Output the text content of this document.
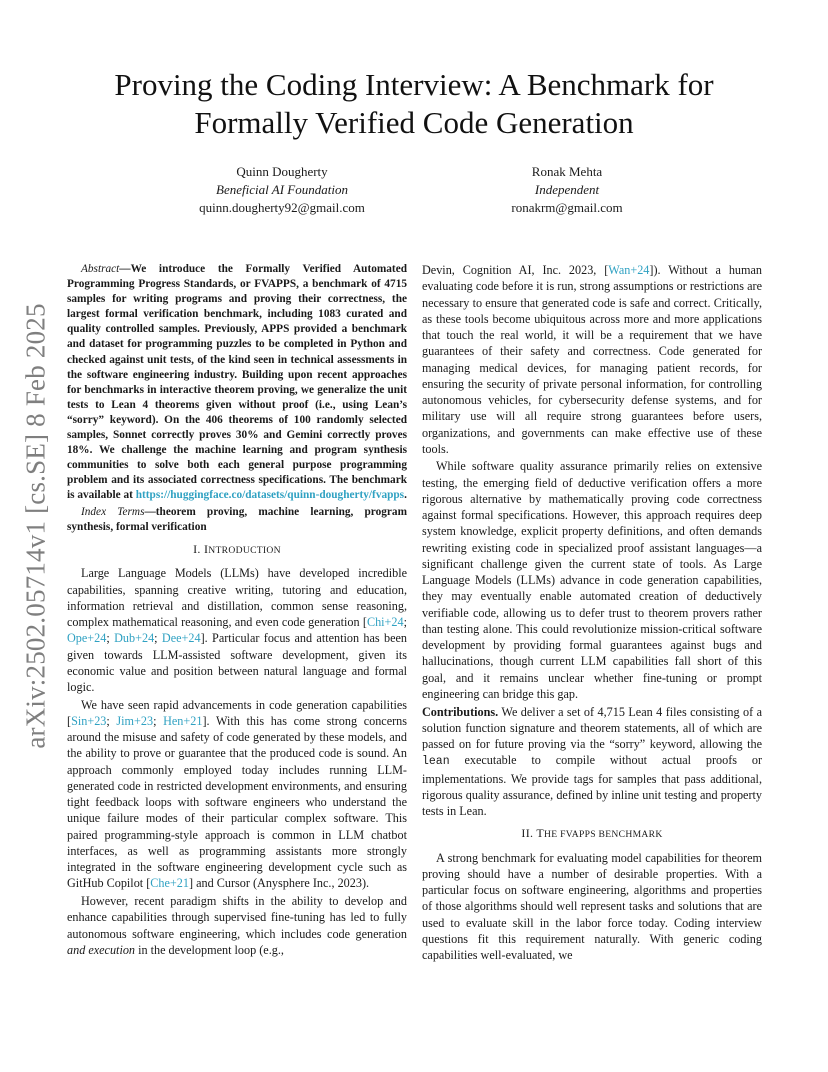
arXiv:2502.05714v1 [cs.SE] 8 Feb 2025
Proving the Coding Interview: A Benchmark for
Formally Verified Code Generation
Quinn Dougherty
Beneficial AI Foundation
quinn.dougherty92@gmail.com
Ronak Mehta
Independent
ronakrm@gmail.com

Abstract—We introduce the Formally Verified Automated Programming Progress Standards, or FVAPPS, a benchmark of 4715 samples for writing programs and proving their correctness, the largest formal verification benchmark, including 1083 curated and quality controlled samples. Previously, APPS provided a benchmark and dataset for programming puzzles to be completed in Python and checked against unit tests, of the kind seen in technical assessments in the software engineering industry. Building upon recent approaches for benchmarks in interactive theorem proving, we generalize the unit tests to Lean 4 theorems given without proof (i.e., using Lean’s “sorry” keyword). On the 406 theorems of 100 randomly selected samples, Sonnet correctly proves 30% and Gemini correctly proves 18%. We challenge the machine learning and program synthesis communities to solve both each general purpose programming problem and its associated correctness specifications. The benchmark is available at https://huggingface.co/datasets/quinn-dougherty/fvapps.

Index Terms—theorem proving, machine learning, program synthesis, formal verification

I. INTRODUCTION

Large Language Models (LLMs) have developed incredible capabilities, spanning creative writing, tutoring and education, information retrieval and distillation, common sense reasoning, complex mathematical reasoning, and even code generation [Chi+24; Ope+24; Dub+24; Dee+24]. Particular focus and attention has been given towards LLM-assisted software development, given its economic value and position between natural language and formal logic.

We have seen rapid advancements in code generation capabilities [Sin+23; Jim+23; Hen+21]. With this has come strong concerns around the misuse and safety of code generated by these models, and the ability to prove or guarantee that the produced code is sound. An approach commonly employed today includes running LLM-generated code in restricted development environments, and ensuring tight feedback loops with software engineers who understand the unique failure modes of their particular complex software. This paired programming-style approach is common in LLM chatbot interfaces, as well as programming assistants more strongly integrated in the software engineering development cycle such as GitHub Copilot [Che+21] and Cursor (Anysphere Inc., 2023).

However, recent paradigm shifts in the ability to develop and enhance capabilities through supervised fine-tuning has led to fully autonomous software engineering, which includes code generation and execution in the development loop (e.g.,

Devin, Cognition AI, Inc. 2023, [Wan+24]). Without a human evaluating code before it is run, strong assumptions or restrictions are necessary to ensure that generated code is safe and correct. Critically, as these tools become ubiquitous across more and more applications that touch the real world, it will be a requirement that we have guarantees of their safety and correctness. Code generated for managing medical devices, for managing patient records, for ensuring the security of private personal information, for controlling autonomous vehicles, for cybersecurity defense systems, and for military use will all require strong guarantees before users, organizations, and governments can make effective use of these tools.

While software quality assurance primarily relies on extensive testing, the emerging field of deductive verification offers a more rigorous alternative by mathematically proving code correctness against formal specifications. However, this approach requires deep system knowledge, explicit property definitions, and often demands rewriting existing code in specialized proof assistant languages—a significant challenge given the current state of tools. As Large Language Models (LLMs) advance in code generation capabilities, they may eventually enable automated creation of deductively verifiable code, allowing us to defer trust to theorem provers rather than testing alone. This could revolutionize mission-critical software development by providing formal guarantees against bugs and hallucinations, though current LLM capabilities fall short of this goal, and it remains unclear whether fine-tuning or prompt engineering can bridge this gap.

Contributions. We deliver a set of 4,715 Lean 4 files consisting of a solution function signature and theorem statements, all of which are passed on for future proving via the “sorry” keyword, allowing the lean executable to compile without actual proofs or implementations. We provide tags for samples that pass additional, rigorous quality assurance, defined by inline unit testing and property tests in Lean.

II. THE FVAPPS BENCHMARK

A strong benchmark for evaluating model capabilities for theorem proving should have a number of desirable properties. With a particular focus on software engineering, algorithms and properties of those algorithms should well represent tasks and solutions that are used to evaluate skill in the labor force today. Coding interview questions fit this requirement naturally. With generic coding capabilities well-evaluated, we
